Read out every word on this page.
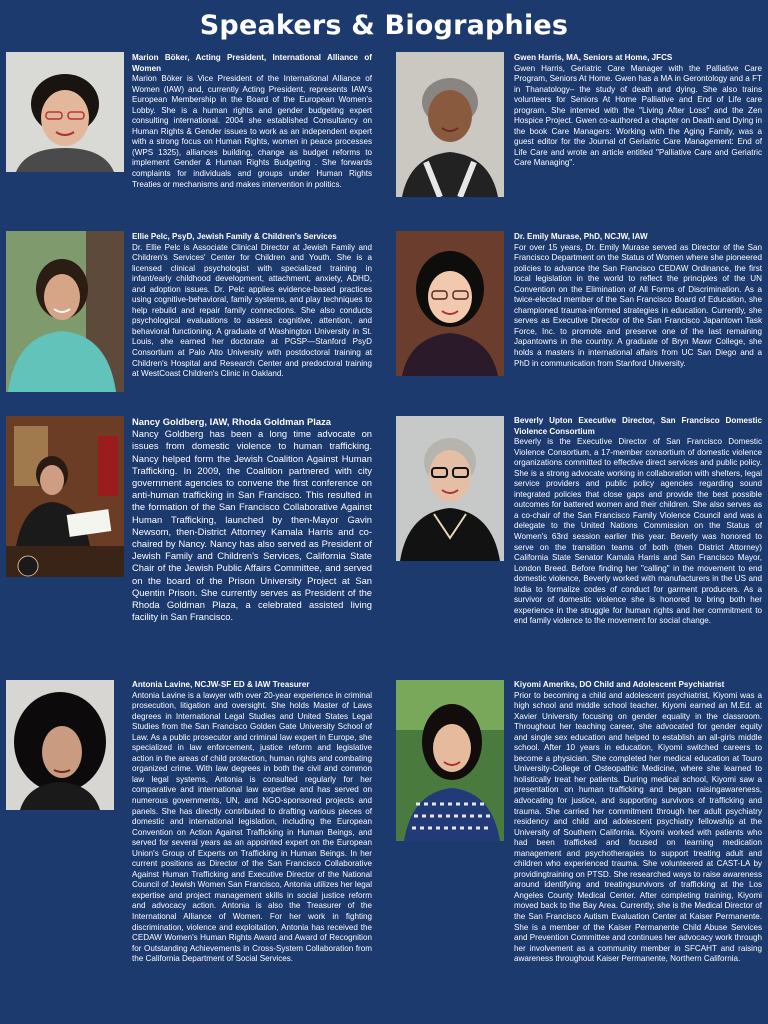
Speakers & Biographies
Marion Böker, Acting President, International Alliance of Women

Marion Böker is Vice President of the International Alliance of Women (IAW) and, currently Acting President, represents IAW's European Membership in the Board of the European Women's Lobby. She is a human rights and gender budgeting expert consulting international. 2004 she established Consultancy on Human Rights & Gender issues to work as an independent expert with a strong focus on Human Rights, women in peace processes (WPS 1325), alliances building, change as budget reforms to implement Gender & Human Rights Budgeting . She forwards complaints for individuals and groups under Human Rights Treaties or mechanisms and makes intervention in politics.

Gwen Harris, MA, Seniors at Home, JFCS

Gwen Harris, Geriatric Care Manager with the Palliative Care Program, Seniors At Home. Gwen has a MA in Gerontology and a FT in Thanatology– the study of death and dying. She also trains volunteers for Seniors At Home Palliative and End of Life care program. She interned with the "Living After Loss" and the Zen Hospice Project. Gwen co-authored a chapter on Death and Dying in the book Care Managers: Working with the Aging Family, was a guest editor for the Journal of Geriatric Care Management: End of Life Care and wrote an article entitled "Palliative Care and Geriatric Care Managing".

Ellie Pelc, PsyD, Jewish Family & Children's Services

Dr. Ellie Pelc is Associate Clinical Director at Jewish Family and Children's Services' Center for Children and Youth. She is a licensed clinical psychologist with specialized training in infant/early childhood development, attachment, anxiety, ADHD, and adoption issues. Dr. Pelc applies evidence-based practices using cognitive-behavioral, family systems, and play techniques to help rebuild and repair family connections. She also conducts psychological evaluations to assess cognitive, attention, and behavioral functioning. A graduate of Washington University in St. Louis, she earned her doctorate at PGSP—Stanford PsyD Consortium at Palo Alto University with postdoctoral training at Children's Hospital and Research Center and predoctoral training at WestCoast Children's Clinic in Oakland.

Dr. Emily Murase, PhD, NCJW, IAW

For over 15 years, Dr. Emily Murase served as Director of the San Francisco Department on the Status of Women where she pioneered policies to advance the San Francisco CEDAW Ordinance, the first local legislation in the world to reflect the principles of the UN Convention on the Elimination of All Forms of Discrimination. As a twice-elected member of the San Francisco Board of Education, she championed trauma-informed strategies in education. Currently, she serves as Executive Director of the San Francisco Japantown Task Force, Inc. to promote and preserve one of the last remaining Japantowns in the country. A graduate of Bryn Mawr College, she holds a masters in international affairs from UC San Diego and a PhD in communication from Stanford University.

Nancy Goldberg, IAW, Rhoda Goldman Plaza

Nancy Goldberg has been a long time advocate on issues from domestic violence to human trafficking. Nancy helped form the Jewish Coalition Against Human Trafficking. In 2009, the Coalition partnered with city government agencies to convene the first conference on anti-human trafficking in San Francisco. This resulted in the formation of the San Francisco Collaborative Against Human Trafficking, launched by then-Mayor Gavin Newsom, then-District Attorney Kamala Harris and co-chaired by Nancy. Nancy has also served as President of Jewish Family and Children's Services, California State Chair of the Jewish Public Affairs Committee, and served on the board of the Prison University Project at San Quentin Prison. She currently serves as President of the Rhoda Goldman Plaza, a celebrated assisted living facility in San Francisco.

Beverly Upton Executive Director, San Francisco Domestic Violence Consortium

Beverly is the Executive Director of San Francisco Domestic Violence Consortium, a 17-member consortium of domestic violence organizations committed to effective direct services and public policy. She is a strong advocate working in collaboration with shelters, legal service providers and public policy agencies regarding sound integrated policies that close gaps and provide the best possible outcomes for battered women and their children. She also serves as a co-chair of the San Francisco Family Violence Council and was a delegate to the United Nations Commission on the Status of Women's 63rd session earlier this year. Beverly was honored to serve on the transition teams of both (then District Attorney) California State Senator Kamala Harris and San Francisco Mayor, London Breed. Before finding her "calling" in the movement to end domestic violence, Beverly worked with manufacturers in the US and India to formalize codes of conduct for garment producers. As a survivor of domestic violence she is honored to bring both her experience in the struggle for human rights and her commitment to end family violence to the movement for social change.

Antonia Lavine, NCJW-SF ED & IAW Treasurer

Antonia Lavine is a lawyer with over 20-year experience in criminal prosecution, litigation and oversight. She holds Master of Laws degrees in International Legal Studies and United States Legal Studies from the San Francisco Golden Gate University School of Law. As a public prosecutor and criminal law expert in Europe, she specialized in law enforcement, justice reform and legislative action in the areas of child protection, human rights and combating organized crime. With law degrees in both the civil and common law legal systems, Antonia is consulted regularly for her comparative and international law expertise and has served on numerous governments, UN, and NGO-sponsored projects and panels. She has directly contributed to drafting various pieces of domestic and international legislation, including the European Convention on Action Against Trafficking in Human Beings, and served for several years as an appointed expert on the European Union's Group of Experts on Trafficking in Human Beings. In her current positions as Director of the San Francisco Collaborative Against Human Trafficking and Executive Director of the National Council of Jewish Women San Francisco, Antonia utilizes her legal expertise and project management skills in social justice reform and advocacy action. Antonia is also the Treasurer of the International Alliance of Women. For her work in fighting discrimination, violence and exploitation, Antonia has received the CEDAW Women's Human Rights Award and Award of Recognition for Outstanding Achievements in Cross-System Collaboration from the California Department of Social Services.

Kiyomi Ameriks, DO Child and Adolescent Psychiatrist

Prior to becoming a child and adolescent psychiatrist, Kiyomi was a high school and middle school teacher. Kiyomi earned an M.Ed. at Xavier University focusing on gender equality in the classroom. Throughout her teaching career, she advocated for gender equity and single sex education and helped to establish an all-girls middle school. After 10 years in education, Kiyomi switched careers to become a physician. She completed her medical education at Touro University-College of Osteopathic Medicine, where she learned to holistically treat her patients. During medical school, Kiyomi saw a presentation on human trafficking and began raisingawareness, advocating for justice, and supporting survivors of trafficking and trauma. She carried her commitment through her adult psychiatry residency and child and adolescent psychiatry fellowship at the University of Southern California. Kiyomi worked with patients who had been trafficked and focused on learning medication management and psychotherapies to support treating adult and children who experienced trauma. She volunteered at CAST-LA by providingtraining on PTSD. She researched ways to raise awareness around identifying and treatingsurvivors of trafficking at the Los Angeles County Medical Center. After completing training, Kiyomi moved back to the Bay Area. Currently, she is the Medical Director of the San Francisco Autism Evaluation Center at Kaiser Permanente. She is a member of the Kaiser Permanente Child Abuse Services and Prevention Committee and continues her advocacy work through her involvement as a community member in SFCAHT and raising awareness throughout Kaiser Permanente, Northern California.
